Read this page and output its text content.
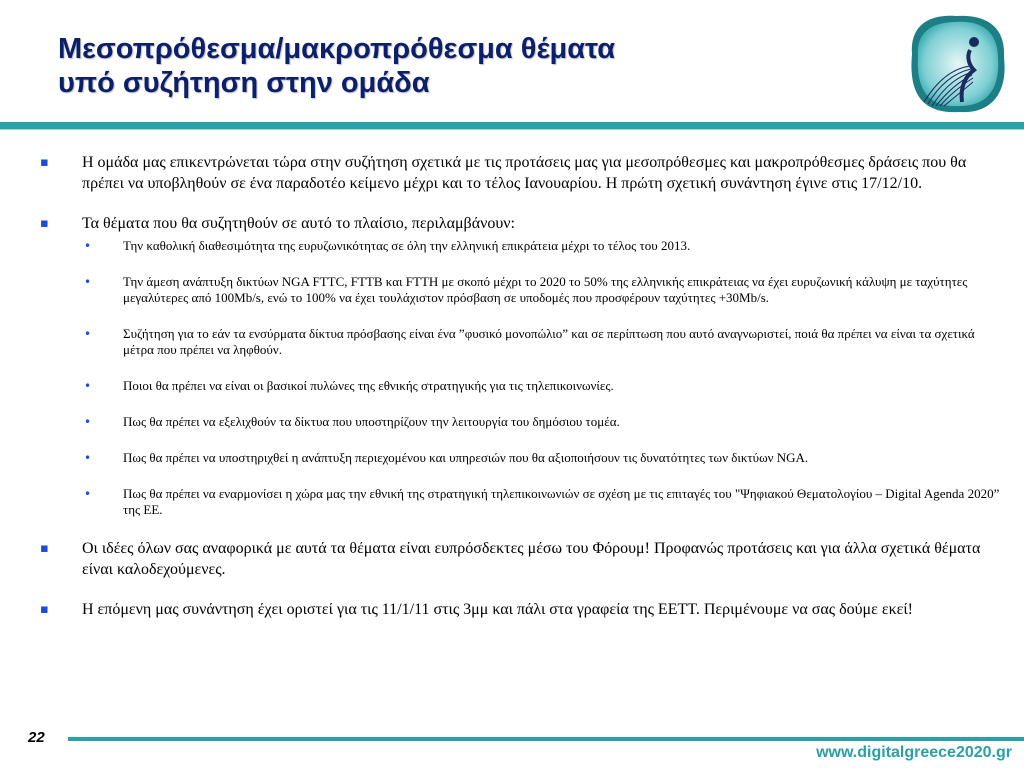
Μεσοπρόθεσμα/μακροπρόθεσμα θέματα
υπό συζήτηση στην ομάδα
▪ Η ομάδα μας επικεντρώνεται τώρα στην συζήτηση σχετικά με τις προτάσεις μας για μεσοπρόθεσμες και μακροπρόθεσμες δράσεις που θα πρέπει να υποβληθούν σε ένα παραδοτέο κείμενο μέχρι και το τέλος Ιανουαρίου. Η πρώτη σχετική συνάντηση έγινε στις 17/12/10.
▪ Τα θέματα που θα συζητηθούν σε αυτό το πλαίσιο, περιλαμβάνουν:
• Την καθολική διαθεσιμότητα της ευρυζωνικότητας σε όλη την ελληνική επικράτεια μέχρι το τέλος του 2013.
• Την άμεση ανάπτυξη δικτύων NGA FTTC, FTTB και FTTH με σκοπό μέχρι το 2020 το 50% της ελληνικής επικράτειας να έχει ευρυζωνική κάλυψη με ταχύτητες μεγαλύτερες από 100Mb/s, ενώ το 100% να έχει τουλάχιστον πρόσβαση σε υποδομές που προσφέρουν ταχύτητες +30Mb/s.
• Συζήτηση για το εάν τα ενσύρματα δίκτυα πρόσβασης είναι ένα ”φυσικό μονοπώλιο” και σε περίπτωση που αυτό αναγνωριστεί, ποιά θα πρέπει να είναι τα σχετικά μέτρα που πρέπει να ληφθούν.
• Ποιοι θα πρέπει να είναι οι βασικοί πυλώνες της εθνικής στρατηγικής για τις τηλεπικοινωνίες.
• Πως θα πρέπει να εξελιχθούν τα δίκτυα που υποστηρίζουν την λειτουργία του δημόσιου τομέα.
• Πως θα πρέπει να υποστηριχθεί η ανάπτυξη περιεχομένου και υπηρεσιών που θα αξιοποιήσουν τις δυνατότητες των δικτύων NGA.
• Πως θα πρέπει να εναρμονίσει η χώρα μας την εθνική της στρατηγική τηλεπικοινωνιών σε σχέση με τις επιταγές του "Ψηφιακού Θεματολογίου – Digital Agenda 2020” της ΕΕ.
▪ Οι ιδέες όλων σας αναφορικά με αυτά τα θέματα είναι ευπρόσδεκτες μέσω του Φόρουμ! Προφανώς προτάσεις και για άλλα σχετικά θέματα είναι καλοδεχούμενες.
▪ Η επόμενη μας συνάντηση έχει οριστεί για τις 11/1/11 στις 3μμ και πάλι στα γραφεία της ΕΕΤΤ. Περιμένουμε να σας δούμε εκεί!
22
www.digitalgreece2020.gr
